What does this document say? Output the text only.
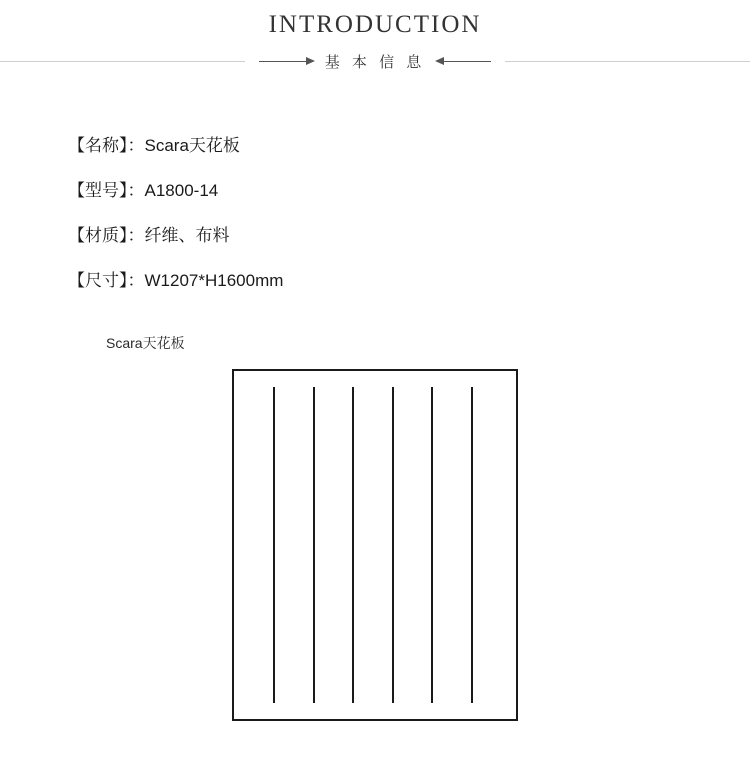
INTRODUCTION
基 本 信 息
【名称】：Scara天花板
【型号】：A1800-14
【材质】：纤维、布料
【尺寸】：W1207*H1600mm
Scara天花板
